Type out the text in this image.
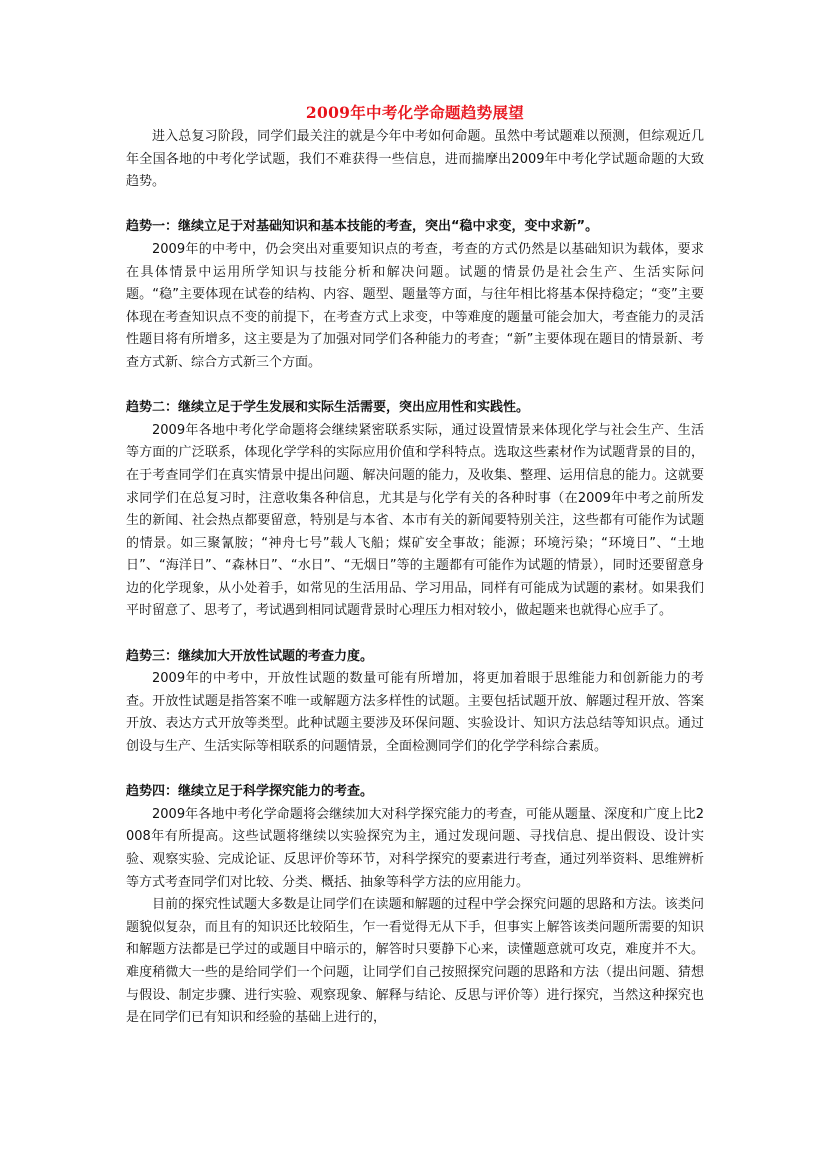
2009年中考化学命题趋势展望

进入总复习阶段，同学们最关注的就是今年中考如何命题。虽然中考试题难以预测，但综观近几年全国各地的中考化学试题，我们不难获得一些信息，进而揣摩出2009年中考化学试题命题的大致趋势。

趋势一：继续立足于对基础知识和基本技能的考查，突出“稳中求变，变中求新”。

2009年的中考中，仍会突出对重要知识点的考查，考查的方式仍然是以基础知识为载体，要求在具体情景中运用所学知识与技能分析和解决问题。试题的情景仍是社会生产、生活实际问题。“稳”主要体现在试卷的结构、内容、题型、题量等方面，与往年相比将基本保持稳定；“变”主要体现在考查知识点不变的前提下，在考查方式上求变，中等难度的题量可能会加大，考查能力的灵活性题目将有所增多，这主要是为了加强对同学们各种能力的考查；“新”主要体现在题目的情景新、考查方式新、综合方式新三个方面。

趋势二：继续立足于学生发展和实际生活需要，突出应用性和实践性。

2009年各地中考化学命题将会继续紧密联系实际，通过设置情景来体现化学与社会生产、生活等方面的广泛联系，体现化学学科的实际应用价值和学科特点。选取这些素材作为试题背景的目的，在于考查同学们在真实情景中提出问题、解决问题的能力，及收集、整理、运用信息的能力。这就要求同学们在总复习时，注意收集各种信息，尤其是与化学有关的各种时事（在2009年中考之前所发生的新闻、社会热点都要留意，特别是与本省、本市有关的新闻要特别关注，这些都有可能作为试题的情景。如三聚氰胺；“神舟七号”载人飞船；煤矿安全事故；能源；环境污染；“环境日”、“土地日”、“海洋日”、“森林日”、“水日”、“无烟日”等的主题都有可能作为试题的情景），同时还要留意身边的化学现象，从小处着手，如常见的生活用品、学习用品，同样有可能成为试题的素材。如果我们平时留意了、思考了，考试遇到相同试题背景时心理压力相对较小，做起题来也就得心应手了。

趋势三：继续加大开放性试题的考查力度。

2009年的中考中，开放性试题的数量可能有所增加，将更加着眼于思维能力和创新能力的考查。开放性试题是指答案不唯一或解题方法多样性的试题。主要包括试题开放、解题过程开放、答案开放、表达方式开放等类型。此种试题主要涉及环保问题、实验设计、知识方法总结等知识点。通过创设与生产、生活实际等相联系的问题情景，全面检测同学们的化学学科综合素质。

趋势四：继续立足于科学探究能力的考查。

2009年各地中考化学命题将会继续加大对科学探究能力的考查，可能从题量、深度和广度上比2008年有所提高。这些试题将继续以实验探究为主，通过发现问题、寻找信息、提出假设、设计实验、观察实验、完成论证、反思评价等环节，对科学探究的要素进行考查，通过列举资料、思维辨析等方式考查同学们对比较、分类、概括、抽象等科学方法的应用能力。

目前的探究性试题大多数是让同学们在读题和解题的过程中学会探究问题的思路和方法。该类问题貌似复杂，而且有的知识还比较陌生，乍一看觉得无从下手，但事实上解答该类问题所需要的知识和解题方法都是已学过的或题目中暗示的，解答时只要静下心来，读懂题意就可攻克，难度并不大。难度稍微大一些的是给同学们一个问题，让同学们自己按照探究问题的思路和方法（提出问题、猜想与假设、制定步骤、进行实验、观察现象、解释与结论、反思与评价等）进行探究，当然这种探究也是在同学们已有知识和经验的基础上进行的，
